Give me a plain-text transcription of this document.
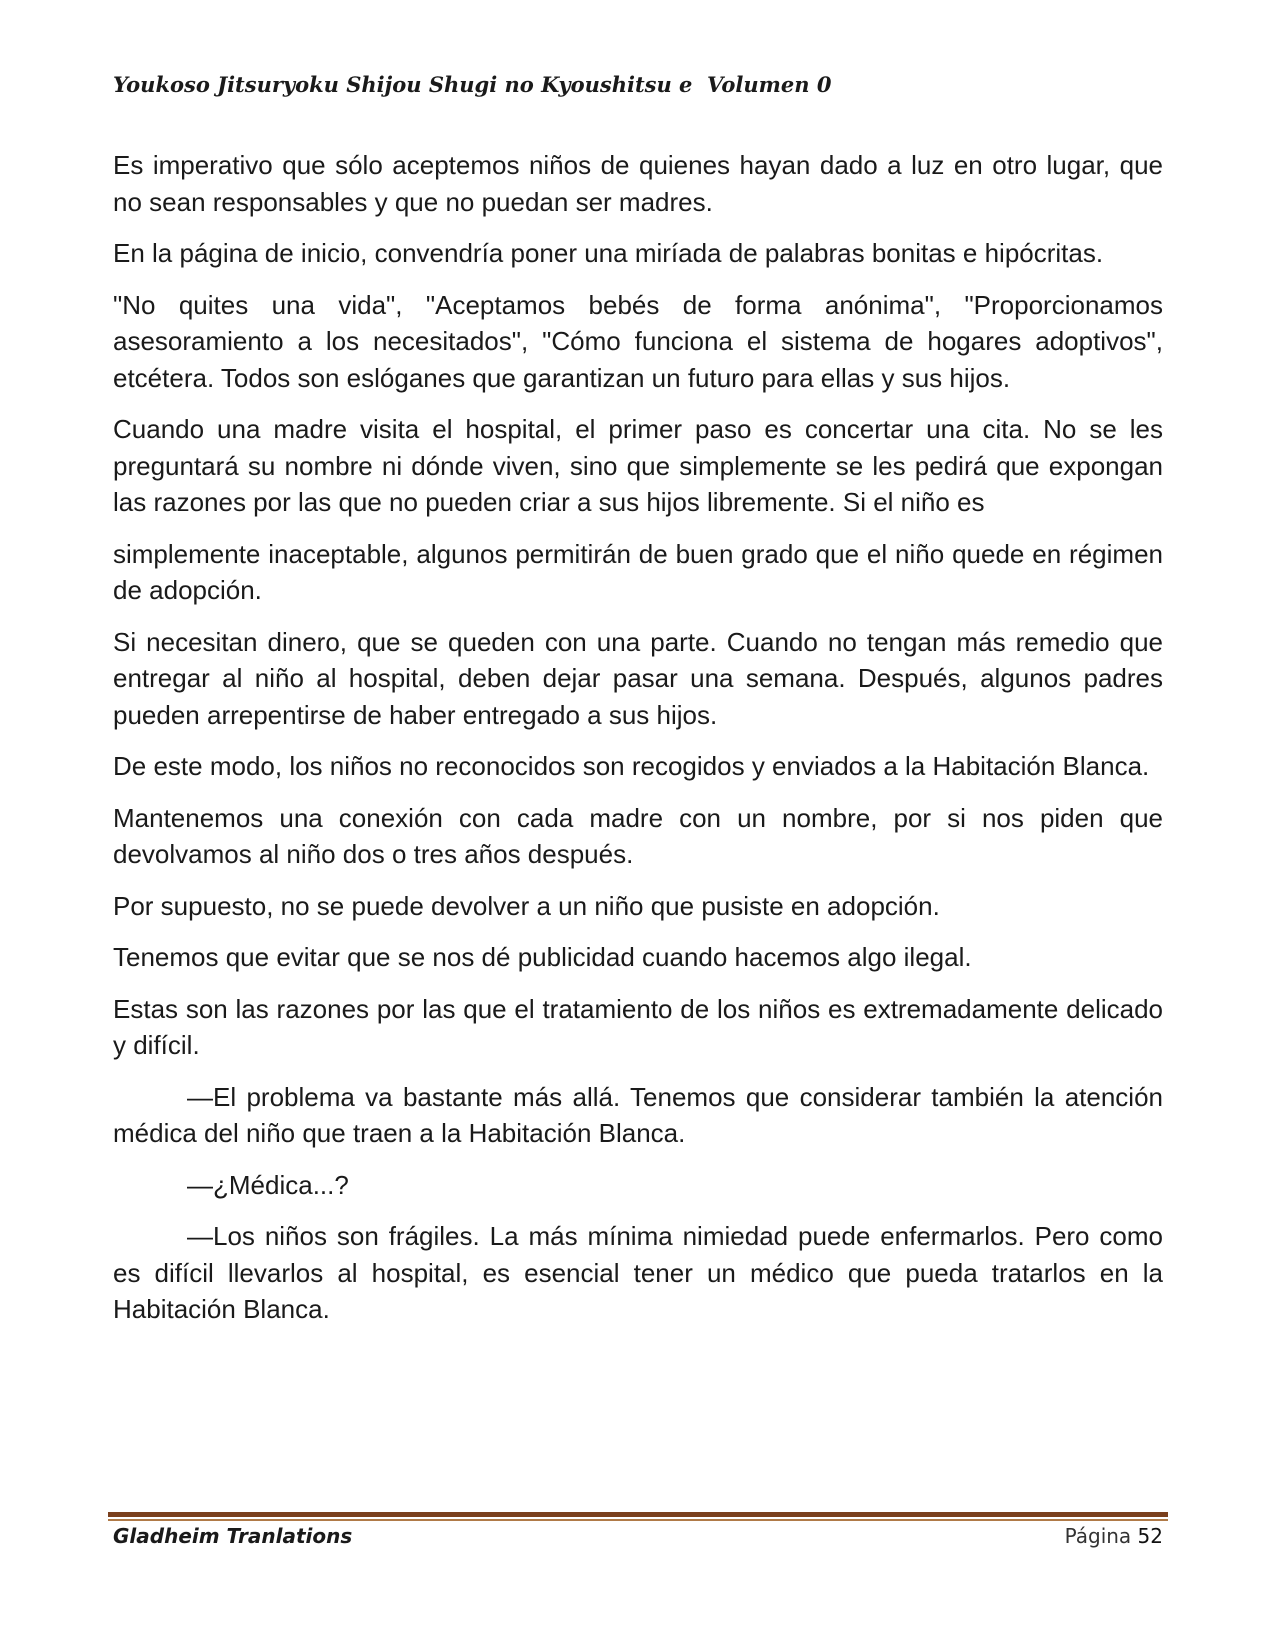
Youkoso Jitsuryoku Shijou Shugi no Kyoushitsu e  Volumen 0

Es imperativo que sólo aceptemos niños de quienes hayan dado a luz en otro lugar, que no sean responsables y que no puedan ser madres.

En la página de inicio, convendría poner una miríada de palabras bonitas e hipócritas.

"No quites una vida", "Aceptamos bebés de forma anónima", "Proporcionamos asesoramiento a los necesitados", "Cómo funciona el sistema de hogares adoptivos", etcétera. Todos son eslóganes que garantizan un futuro para ellas y sus hijos.

Cuando una madre visita el hospital, el primer paso es concertar una cita. No se les preguntará su nombre ni dónde viven, sino que simplemente se les pedirá que expongan las razones por las que no pueden criar a sus hijos libremente. Si el niño es

simplemente inaceptable, algunos permitirán de buen grado que el niño quede en régimen de adopción.

Si necesitan dinero, que se queden con una parte. Cuando no tengan más remedio que entregar al niño al hospital, deben dejar pasar una semana. Después, algunos padres pueden arrepentirse de haber entregado a sus hijos.

De este modo, los niños no reconocidos son recogidos y enviados a la Habitación Blanca.

Mantenemos una conexión con cada madre con un nombre, por si nos piden que devolvamos al niño dos o tres años después.

Por supuesto, no se puede devolver a un niño que pusiste en adopción.

Tenemos que evitar que se nos dé publicidad cuando hacemos algo ilegal.

Estas son las razones por las que el tratamiento de los niños es extremadamente delicado y difícil.

—El problema va bastante más allá. Tenemos que considerar también la atención médica del niño que traen a la Habitación Blanca.

—¿Médica...?

—Los niños son frágiles. La más mínima nimiedad puede enfermarlos. Pero como es difícil llevarlos al hospital, es esencial tener un médico que pueda tratarlos en la Habitación Blanca.

Gladheim Tranlations	Página 52
